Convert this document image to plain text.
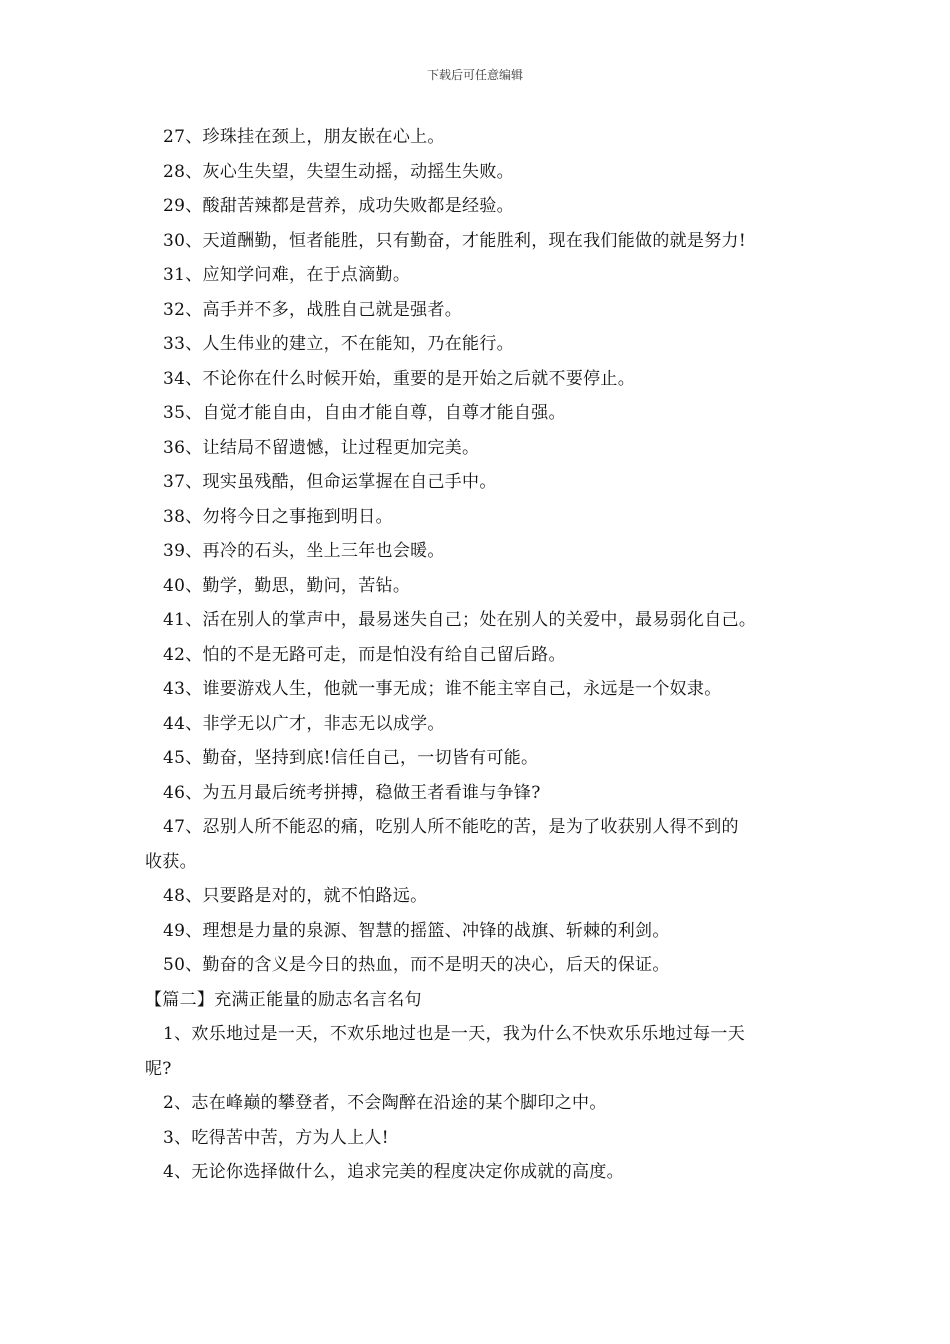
下载后可任意编辑
27、珍珠挂在颈上，朋友嵌在心上。
28、灰心生失望，失望生动摇，动摇生失败。
29、酸甜苦辣都是营养，成功失败都是经验。
30、天道酬勤，恒者能胜，只有勤奋，才能胜利，现在我们能做的就是努力!
31、应知学问难，在于点滴勤。
32、高手并不多，战胜自己就是强者。
33、人生伟业的建立，不在能知，乃在能行。
34、不论你在什么时候开始，重要的是开始之后就不要停止。
35、自觉才能自由，自由才能自尊，自尊才能自强。
36、让结局不留遗憾，让过程更加完美。
37、现实虽残酷，但命运掌握在自己手中。
38、勿将今日之事拖到明日。
39、再冷的石头，坐上三年也会暖。
40、勤学，勤思，勤问，苦钻。
41、活在别人的掌声中，最易迷失自己；处在别人的关爱中，最易弱化自己。
42、怕的不是无路可走，而是怕没有给自己留后路。
43、谁要游戏人生，他就一事无成；谁不能主宰自己，永远是一个奴隶。
44、非学无以广才，非志无以成学。
45、勤奋，坚持到底!信任自己，一切皆有可能。
46、为五月最后统考拼搏，稳做王者看谁与争锋?
47、忍别人所不能忍的痛，吃别人所不能吃的苦，是为了收获别人得不到的
收获。
48、只要路是对的，就不怕路远。
49、理想是力量的泉源、智慧的摇篮、冲锋的战旗、斩棘的利剑。
50、勤奋的含义是今日的热血，而不是明天的决心，后天的保证。
【篇二】充满正能量的励志名言名句
1、欢乐地过是一天，不欢乐地过也是一天，我为什么不快欢乐乐地过每一天
呢?
2、志在峰巅的攀登者，不会陶醉在沿途的某个脚印之中。
3、吃得苦中苦，方为人上人!
4、无论你选择做什么，追求完美的程度决定你成就的高度。
